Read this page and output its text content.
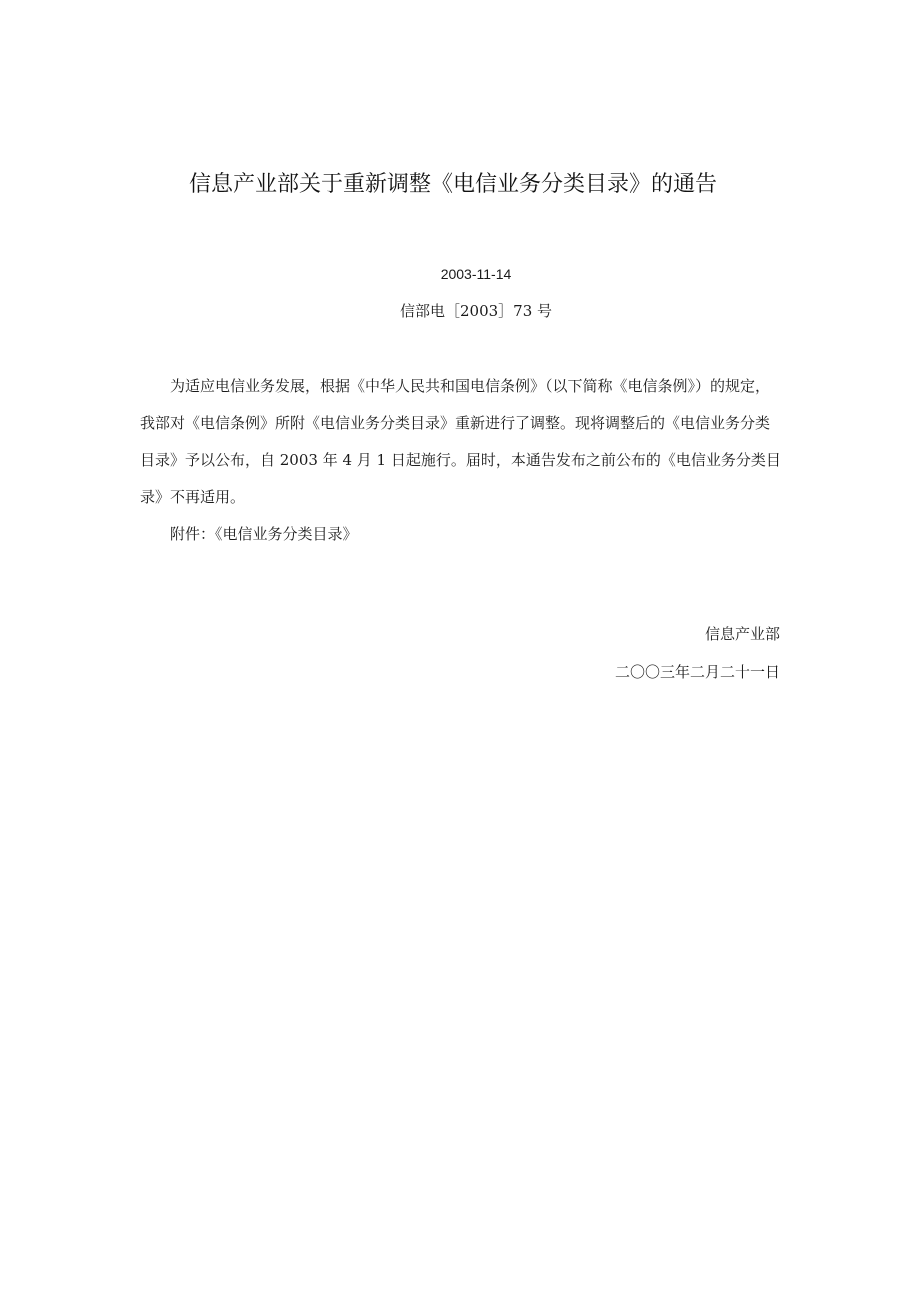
信息产业部关于重新调整《电信业务分类目录》的通告
2003-11-14
信部电［2003］73 号

为适应电信业务发展，根据《中华人民共和国电信条例》（以下简称《电信条例》）的规定，我部对《电信条例》所附《电信业务分类目录》重新进行了调整。现将调整后的《电信业务分类目录》予以公布，自 2003 年 4 月 1 日起施行。届时，本通告发布之前公布的《电信业务分类目录》不再适用。

附件：《电信业务分类目录》

信息产业部
二〇〇三年二月二十一日
